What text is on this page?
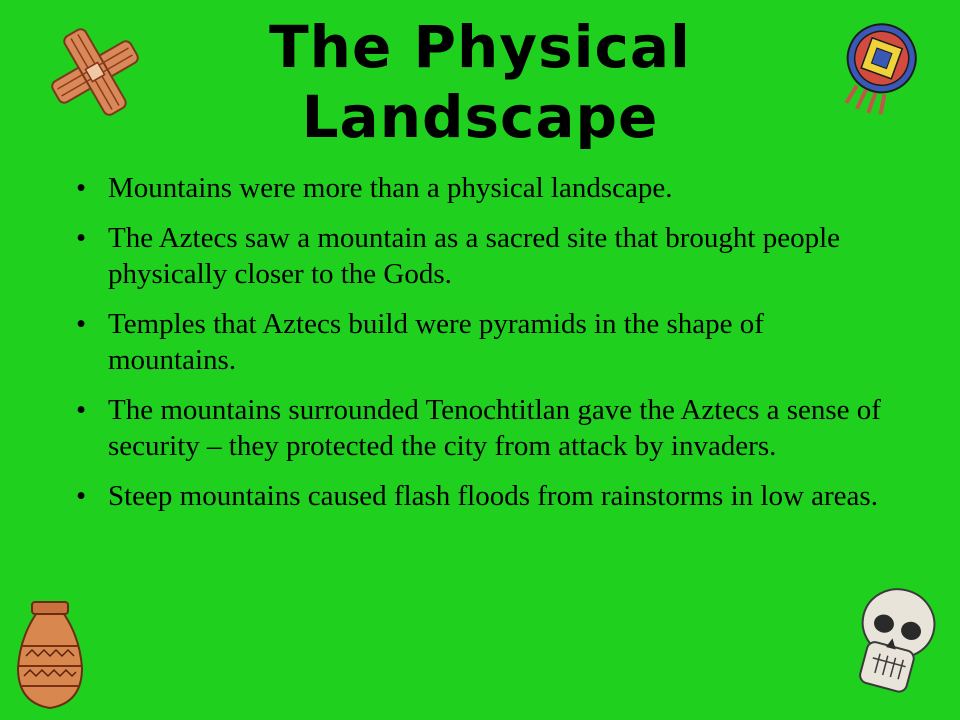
The Physical
Landscape
• Mountains were more than a physical landscape.
• The Aztecs saw a mountain as a sacred site that brought people physically closer to the Gods.
• Temples that Aztecs build were pyramids in the shape of mountains.
• The mountains surrounded Tenochtitlan gave the Aztecs a sense of security – they protected the city from attack by invaders.
• Steep mountains caused flash floods from rainstorms in low areas.
